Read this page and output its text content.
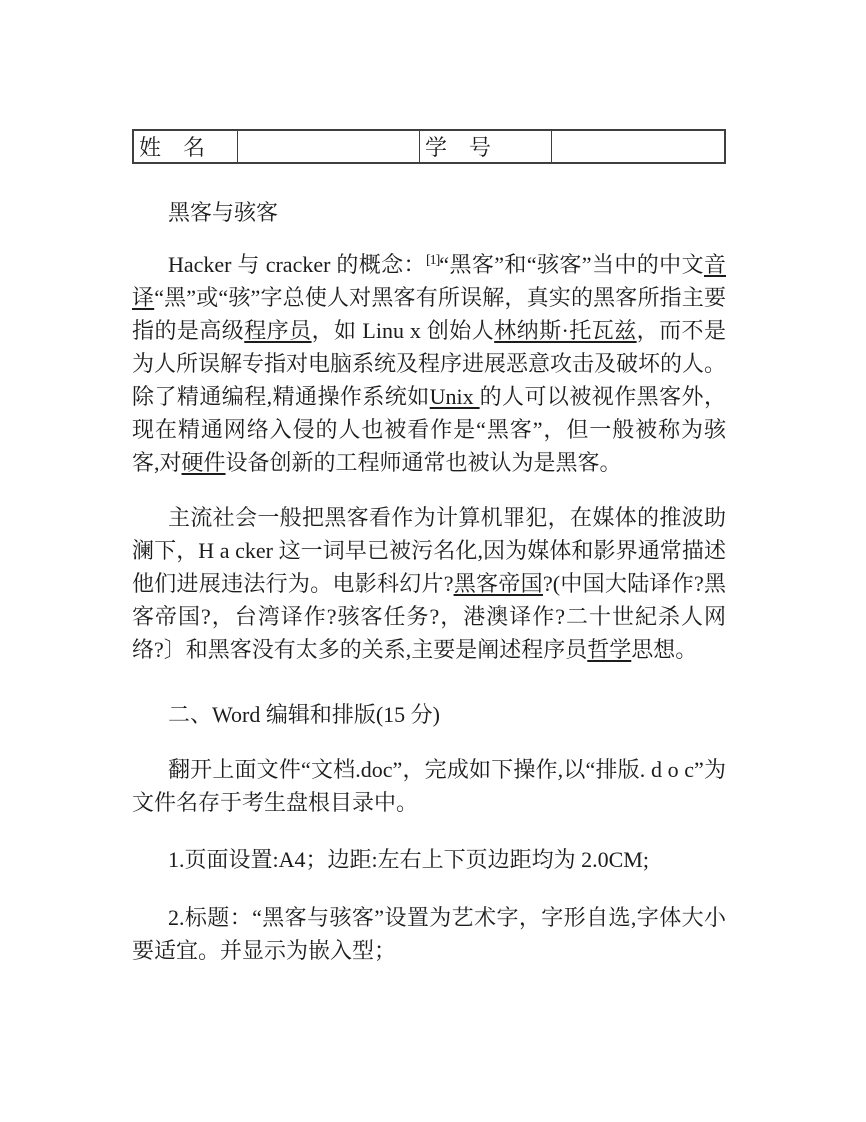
姓　名		学　号	

黑客与骇客

Hacker 与 cracker 的概念：[1]“黑客”和“骇客”当中的中文音译“黑”或“骇”字总使人对黑客有所误解，真实的黑客所指主要指的是高级程序员，如 Linu x 创始人林纳斯·托瓦兹，而不是为人所误解专指对电脑系统及程序进展恶意攻击及破坏的人。除了精通编程,精通操作系统如Unix 的人可以被视作黑客外，现在精通网络入侵的人也被看作是“黑客”，但一般被称为骇客,对硬件设备创新的工程师通常也被认为是黑客。

主流社会一般把黑客看作为计算机罪犯，在媒体的推波助澜下，H a cker 这一词早已被污名化,因为媒体和影界通常描述他们进展违法行为。电影科幻片?黑客帝国?(中国大陆译作?黑客帝国?，台湾译作?骇客任务?，港澳译作?二十世紀杀人网络?〕和黑客没有太多的关系,主要是阐述程序员哲学思想。

二、Word 编辑和排版(15 分)

翻开上面文件“文档.doc”，完成如下操作,以“排版. d o c”为文件名存于考生盘根目录中。

1.页面设置:A4；边距:左右上下页边距均为 2.0CM;

2.标题：“黑客与骇客”设置为艺术字，字形自选,字体大小要适宜。并显示为嵌入型；
